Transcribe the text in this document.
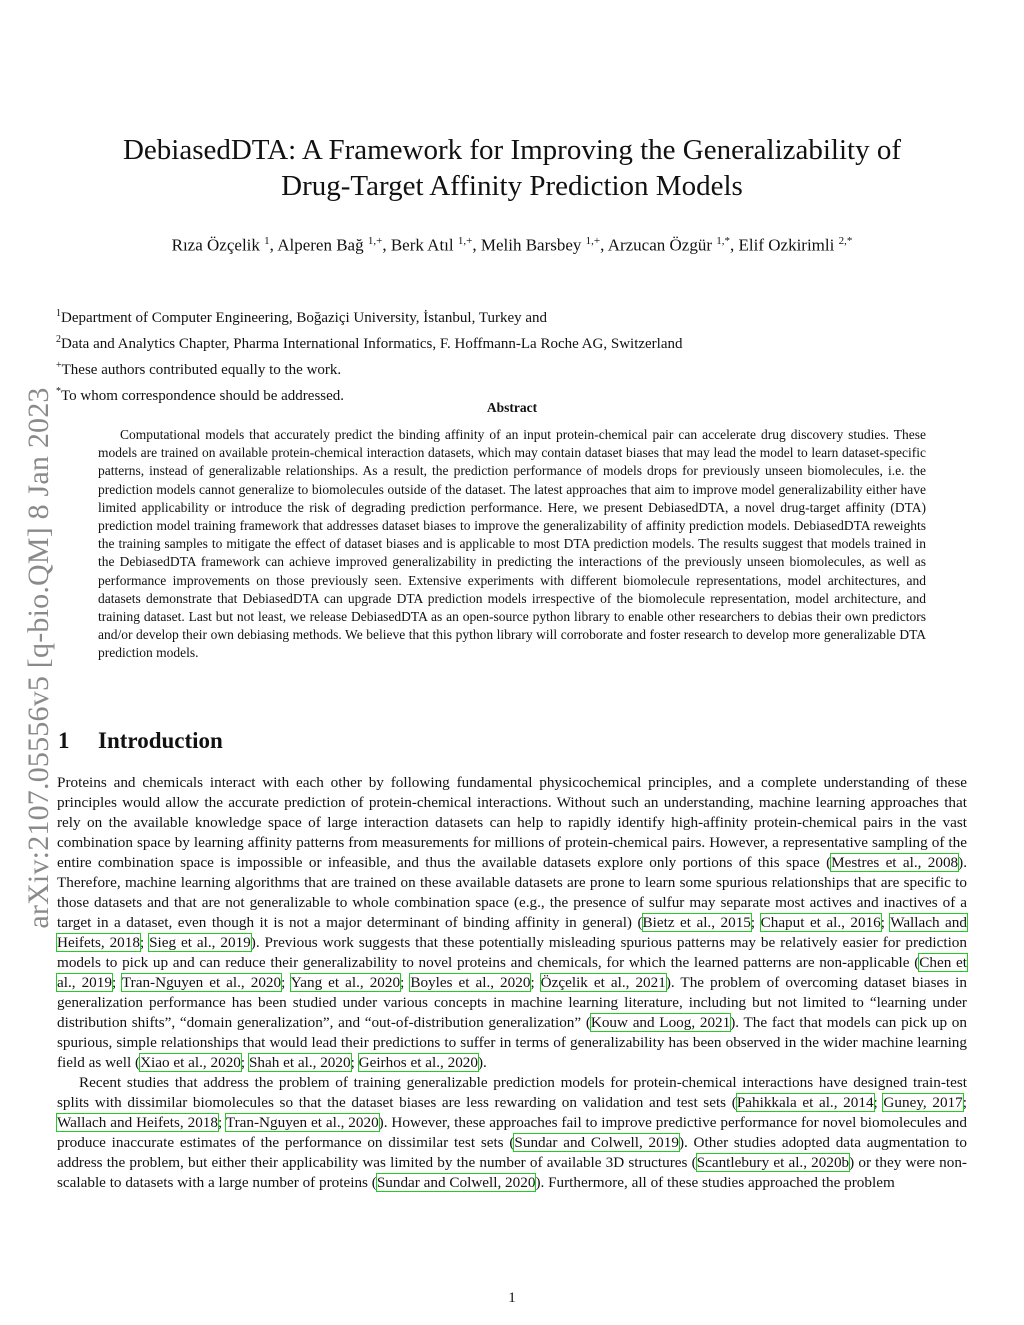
arXiv:2107.05556v5 [q-bio.QM] 8 Jan 2023
DebiasedDTA: A Framework for Improving the Generalizability of
Drug-Target Affinity Prediction Models
Rıza Özçelik $^1$, Alperen Bağ $^{1,+}$, Berk Atıl $^{1,+}$, Melih Barsbey $^{1,+}$, Arzucan Özgür $^{1,*}$, Elif Ozkirimli $^{2,*}$
$^1$Department of Computer Engineering, Boğaziçi University, İstanbul, Turkey and
$^2$Data and Analytics Chapter, Pharma International Informatics, F. Hoffmann-La Roche AG, Switzerland
+These authors contributed equally to the work.
*To whom correspondence should be addressed.
Abstract

Computational models that accurately predict the binding affinity of an input protein-chemical pair can accelerate drug discovery studies. These models are trained on available protein-chemical interaction datasets, which may contain dataset biases that may lead the model to learn dataset-specific patterns, instead of generalizable relationships. As a result, the prediction performance of models drops for previously unseen biomolecules, i.e. the prediction models cannot generalize to biomolecules outside of the dataset. The latest approaches that aim to improve model generalizability either have limited applicability or introduce the risk of degrading prediction performance. Here, we present DebiasedDTA, a novel drug-target affinity (DTA) prediction model training framework that addresses dataset biases to improve the generalizability of affinity prediction models. DebiasedDTA reweights the training samples to mitigate the effect of dataset biases and is applicable to most DTA prediction models. The results suggest that models trained in the DebiasedDTA framework can achieve improved generalizability in predicting the interactions of the previously unseen biomolecules, as well as performance improvements on those previously seen. Extensive experiments with different biomolecule representations, model architectures, and datasets demonstrate that DebiasedDTA can upgrade DTA prediction models irrespective of the biomolecule representation, model architecture, and training dataset. Last but not least, we release DebiasedDTA as an open-source python library to enable other researchers to debias their own predictors and/or develop their own debiasing methods. We believe that this python library will corroborate and foster research to develop more generalizable DTA prediction models.

1 Introduction

Proteins and chemicals interact with each other by following fundamental physicochemical principles, and a complete understanding of these principles would allow the accurate prediction of protein-chemical interactions. Without such an understanding, machine learning approaches that rely on the available knowledge space of large interaction datasets can help to rapidly identify high-affinity protein-chemical pairs in the vast combination space by learning affinity patterns from measurements for millions of protein-chemical pairs. However, a representative sampling of the entire combination space is impossible or infeasible, and thus the available datasets explore only portions of this space (Mestres et al., 2008). Therefore, machine learning algorithms that are trained on these available datasets are prone to learn some spurious relationships that are specific to those datasets and that are not generalizable to whole combination space (e.g., the presence of sulfur may separate most actives and inactives of a target in a dataset, even though it is not a major determinant of binding affinity in general) (Bietz et al., 2015; Chaput et al., 2016; Wallach and Heifets, 2018; Sieg et al., 2019). Previous work suggests that these potentially misleading spurious patterns may be relatively easier for prediction models to pick up and can reduce their generalizability to novel proteins and chemicals, for which the learned patterns are non-applicable (Chen et al., 2019; Tran-Nguyen et al., 2020; Yang et al., 2020; Boyles et al., 2020; Özçelik et al., 2021). The problem of overcoming dataset biases in generalization performance has been studied under various concepts in machine learning literature, including but not limited to “learning under distribution shifts”, “domain generalization”, and “out-of-distribution generalization” (Kouw and Loog, 2021). The fact that models can pick up on spurious, simple relationships that would lead their predictions to suffer in terms of generalizability has been observed in the wider machine learning field as well (Xiao et al., 2020; Shah et al., 2020; Geirhos et al., 2020).

Recent studies that address the problem of training generalizable prediction models for protein-chemical interactions have designed train-test splits with dissimilar biomolecules so that the dataset biases are less rewarding on validation and test sets (Pahikkala et al., 2014; Guney, 2017; Wallach and Heifets, 2018; Tran-Nguyen et al., 2020). However, these approaches fail to improve predictive performance for novel biomolecules and produce inaccurate estimates of the performance on dissimilar test sets (Sundar and Colwell, 2019). Other studies adopted data augmentation to address the problem, but either their applicability was limited by the number of available 3D structures (Scantlebury et al., 2020b) or they were non-scalable to datasets with a large number of proteins (Sundar and Colwell, 2020). Furthermore, all of these studies approached the problem

1
